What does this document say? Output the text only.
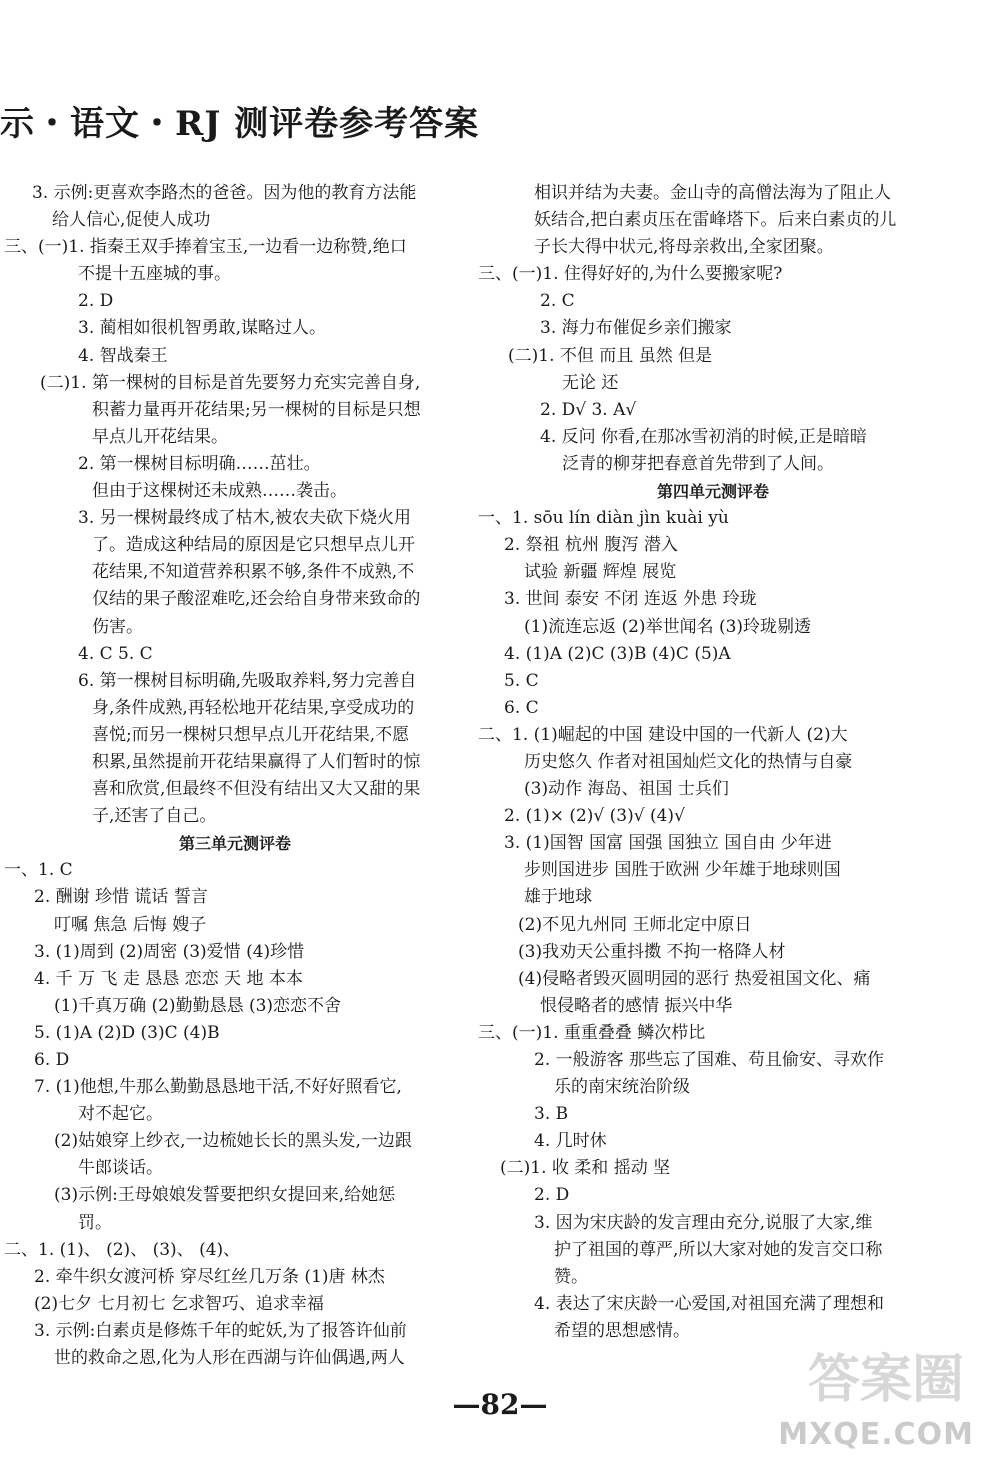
示・语文・RJ 测评卷参考答案
3. 示例:更喜欢李路杰的爸爸。因为他的教育方法能
给人信心,促使人成功
三、(一)1. 指秦王双手捧着宝玉,一边看一边称赞,绝口
不提十五座城的事。
2. D
3. 蔺相如很机智勇敢,谋略过人。
4. 智战秦王
(二)1. 第一棵树的目标是首先要努力充实完善自身,
积蓄力量再开花结果;另一棵树的目标是只想
早点儿开花结果。
2. 第一棵树目标明确……茁壮。
但由于这棵树还未成熟……袭击。
3. 另一棵树最终成了枯木,被农夫砍下烧火用
了。造成这种结局的原因是它只想早点儿开
花结果,不知道营养积累不够,条件不成熟,不
仅结的果子酸涩难吃,还会给自身带来致命的
伤害。
4. C 5. C
6. 第一棵树目标明确,先吸取养料,努力完善自
身,条件成熟,再轻松地开花结果,享受成功的
喜悦;而另一棵树只想早点儿开花结果,不愿
积累,虽然提前开花结果赢得了人们暂时的惊
喜和欣赏,但最终不但没有结出又大又甜的果
子,还害了自己。
第三单元测评卷
一、1. C
2. 酬谢 珍惜 谎话 誓言
叮嘱 焦急 后悔 嫂子
3. (1)周到 (2)周密 (3)爱惜 (4)珍惜
4. 千 万 飞 走 恳恳 恋恋 天 地 本本
(1)千真万确 (2)勤勤恳恳 (3)恋恋不舍
5. (1)A (2)D (3)C (4)B
6. D
7. (1)他想,牛那么勤勤恳恳地干活,不好好照看它,
对不起它。
(2)姑娘穿上纱衣,一边梳她长长的黑头发,一边跟
牛郎谈话。
(3)示例:王母娘娘发誓要把织女提回来,给她惩
罚。
二、1. (1)、 (2)、 (3)、 (4)、
2. 牵牛织女渡河桥 穿尽红丝几万条 (1)唐 林杰
(2)七夕 七月初七 乞求智巧、追求幸福
3. 示例:白素贞是修炼千年的蛇妖,为了报答许仙前
世的救命之恩,化为人形在西湖与许仙偶遇,两人
相识并结为夫妻。金山寺的高僧法海为了阻止人
妖结合,把白素贞压在雷峰塔下。后来白素贞的儿
子长大得中状元,将母亲救出,全家团聚。
三、(一)1. 住得好好的,为什么要搬家呢?
2. C
3. 海力布催促乡亲们搬家
(二)1. 不但 而且 虽然 但是
无论 还
2. D√ 3. A√
4. 反问 你看,在那冰雪初消的时候,正是暗暗
泛青的柳芽把春意首先带到了人间。
第四单元测评卷
一、1. sōu lín diàn jìn kuài yù
2. 祭祖 杭州 腹泻 潜入
试验 新疆 辉煌 展览
3. 世间 泰安 不闭 连返 外患 玲珑
(1)流连忘返 (2)举世闻名 (3)玲珑剔透
4. (1)A (2)C (3)B (4)C (5)A
5. C
6. C
二、1. (1)崛起的中国 建设中国的一代新人 (2)大
历史悠久 作者对祖国灿烂文化的热情与自豪
(3)动作 海岛、祖国 士兵们
2. (1)× (2)√ (3)√ (4)√
3. (1)国智 国富 国强 国独立 国自由 少年进
步则国进步 国胜于欧洲 少年雄于地球则国
雄于地球
(2)不见九州同 王师北定中原日
(3)我劝天公重抖擞 不拘一格降人材
(4)侵略者毁灭圆明园的恶行 热爱祖国文化、痛
恨侵略者的感情 振兴中华
三、(一)1. 重重叠叠 鳞次栉比
2. 一般游客 那些忘了国难、苟且偷安、寻欢作
乐的南宋统治阶级
3. B
4. 几时休
(二)1. 收 柔和 摇动 坚
2. D
3. 因为宋庆龄的发言理由充分,说服了大家,维
护了祖国的尊严,所以大家对她的发言交口称
赞。
4. 表达了宋庆龄一心爱国,对祖国充满了理想和
希望的思想感情。
—82—	答案圈
MXQE.COM
